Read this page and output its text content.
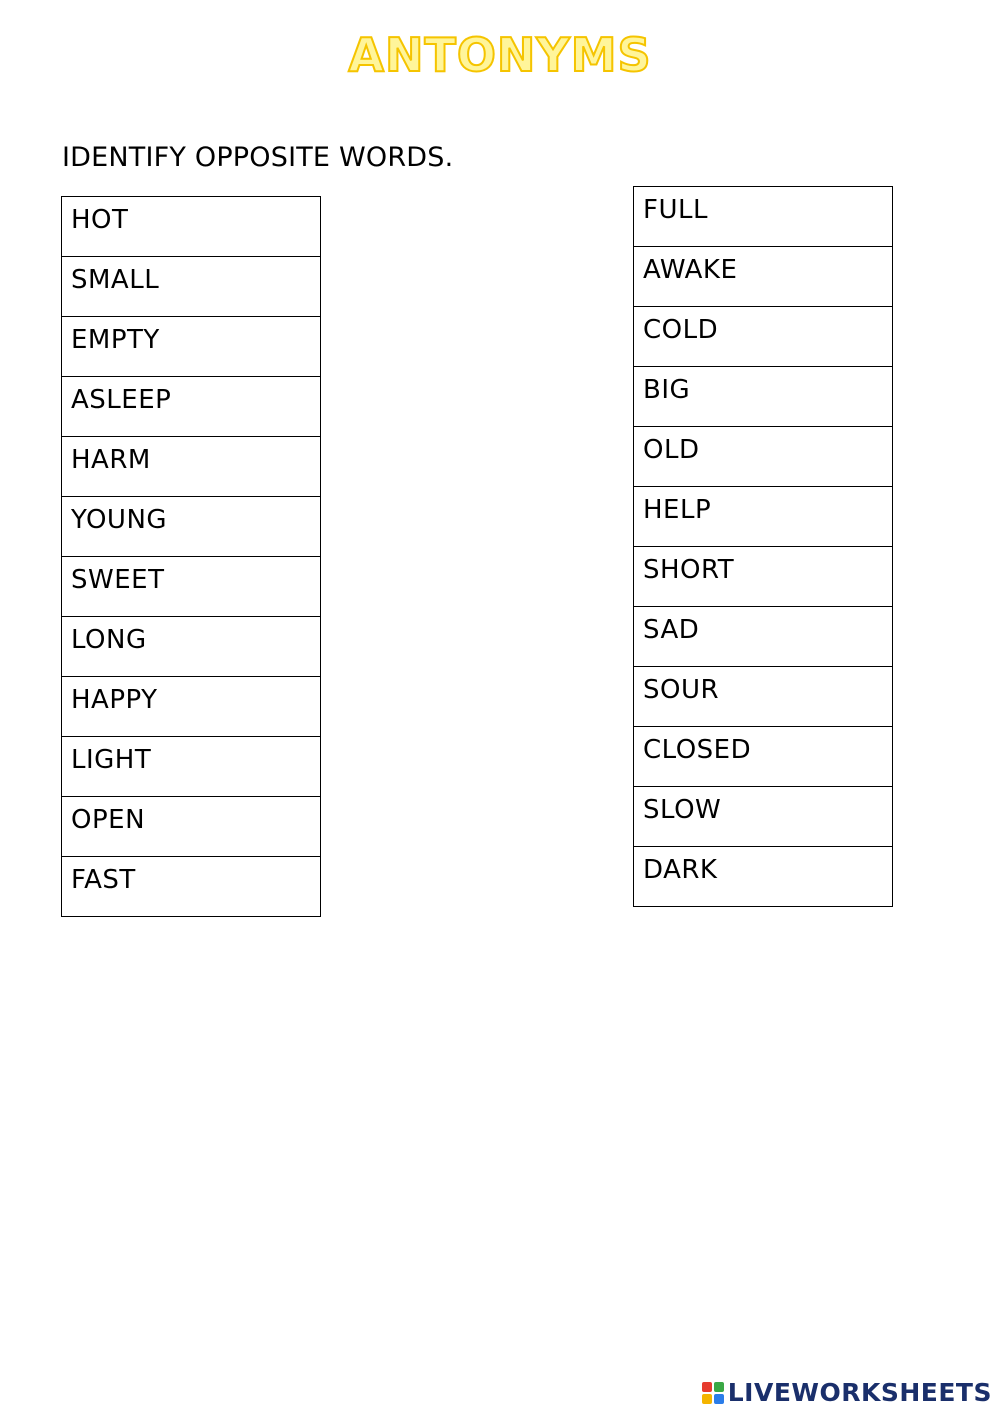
ANTONYMS
IDENTIFY OPPOSITE WORDS.
HOT
SMALL
EMPTY
ASLEEP
HARM
YOUNG
SWEET
LONG
HAPPY
LIGHT
OPEN
FAST
FULL
AWAKE
COLD
BIG
OLD
HELP
SHORT
SAD
SOUR
CLOSED
SLOW
DARK
LIVEWORKSHEETS
